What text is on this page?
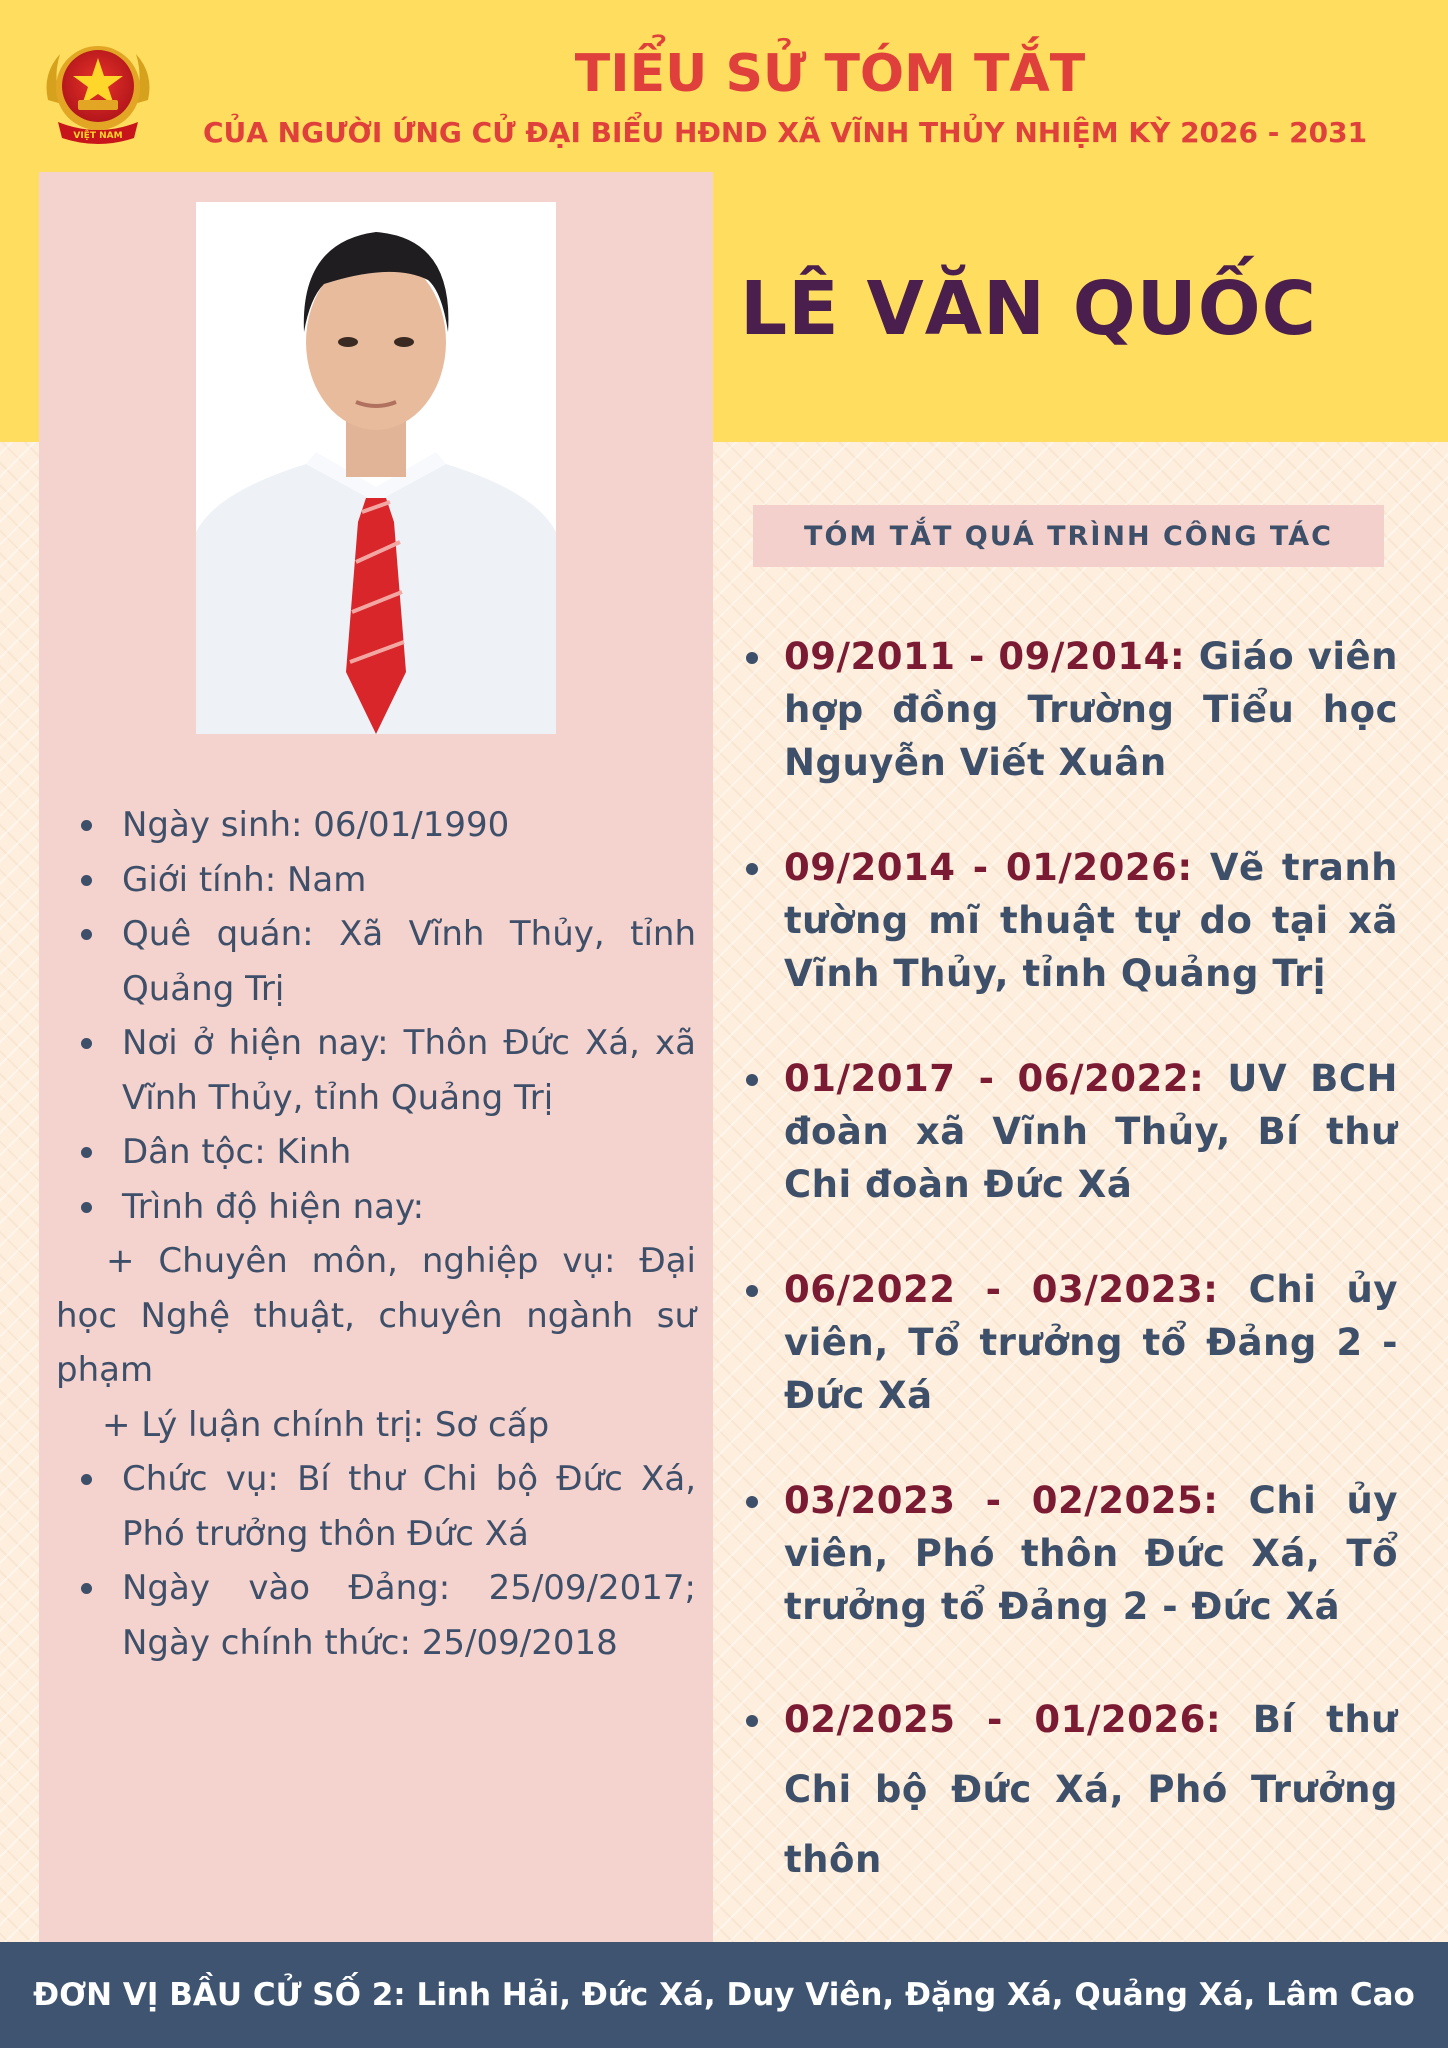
VIỆT NAM
TIỂU SỬ TÓM TẮT
CỦA NGƯỜI ỨNG CỬ ĐẠI BIỂU HĐND XÃ VĨNH THỦY NHIỆM KỲ 2026 - 2031
LÊ VĂN QUỐC
TÓM TẮT QUÁ TRÌNH CÔNG TÁC
Ngày sinh: 06/01/1990
Giới tính: Nam
Quê quán: Xã Vĩnh Thủy, tỉnh Quảng Trị
Nơi ở hiện nay: Thôn Đức Xá, xã Vĩnh Thủy, tỉnh Quảng Trị
Dân tộc: Kinh
Trình độ hiện nay:
+ Chuyên môn, nghiệp vụ: Đại học Nghệ thuật, chuyên ngành sư phạm
+ Lý luận chính trị: Sơ cấp
Chức vụ: Bí thư Chi bộ Đức Xá, Phó trưởng thôn Đức Xá
Ngày vào Đảng: 25/09/2017; Ngày chính thức: 25/09/2018
09/2011 - 09/2014: Giáo viên hợp đồng Trường Tiểu học Nguyễn Viết Xuân
09/2014 - 01/2026: Vẽ tranh tường mĩ thuật tự do tại xã Vĩnh Thủy, tỉnh Quảng Trị
01/2017 - 06/2022: UV BCH đoàn xã Vĩnh Thủy, Bí thư Chi đoàn Đức Xá
06/2022 - 03/2023: Chi ủy viên, Tổ trưởng tổ Đảng 2 - Đức Xá
03/2023 - 02/2025: Chi ủy viên, Phó thôn Đức Xá, Tổ trưởng tổ Đảng 2 - Đức Xá
02/2025 - 01/2026: Bí thư Chi bộ Đức Xá, Phó Trưởng thôn
ĐƠN VỊ BẦU CỬ SỐ 2: Linh Hải, Đức Xá, Duy Viên, Đặng Xá, Quảng Xá, Lâm Cao
